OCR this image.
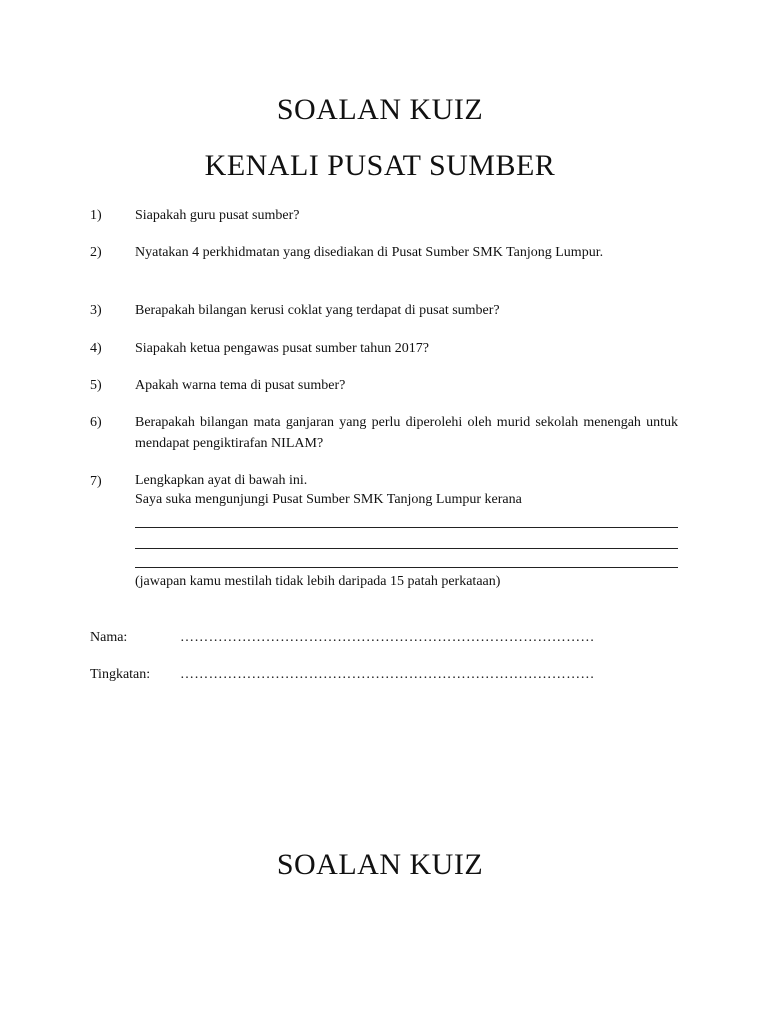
SOALAN KUIZ
KENALI PUSAT SUMBER
1)	Siapakah guru pusat sumber?
2)	Nyatakan 4 perkhidmatan yang disediakan di Pusat Sumber SMK Tanjong Lumpur.
3)	Berapakah bilangan kerusi coklat yang terdapat di pusat sumber?
4)	Siapakah ketua pengawas pusat sumber tahun 2017?
5)	Apakah warna tema di pusat sumber?
6)	Berapakah bilangan mata ganjaran yang perlu diperolehi oleh murid sekolah menengah untuk mendapat pengiktirafan NILAM?
7)	Lengkapkan ayat di bawah ini.
Saya suka mengunjungi Pusat Sumber SMK Tanjong Lumpur kerana
(jawapan kamu mestilah tidak lebih daripada 15 patah perkataan)
Nama:	……………………………………………………………………………
Tingkatan: ……………………………………………………………………………
SOALAN KUIZ
